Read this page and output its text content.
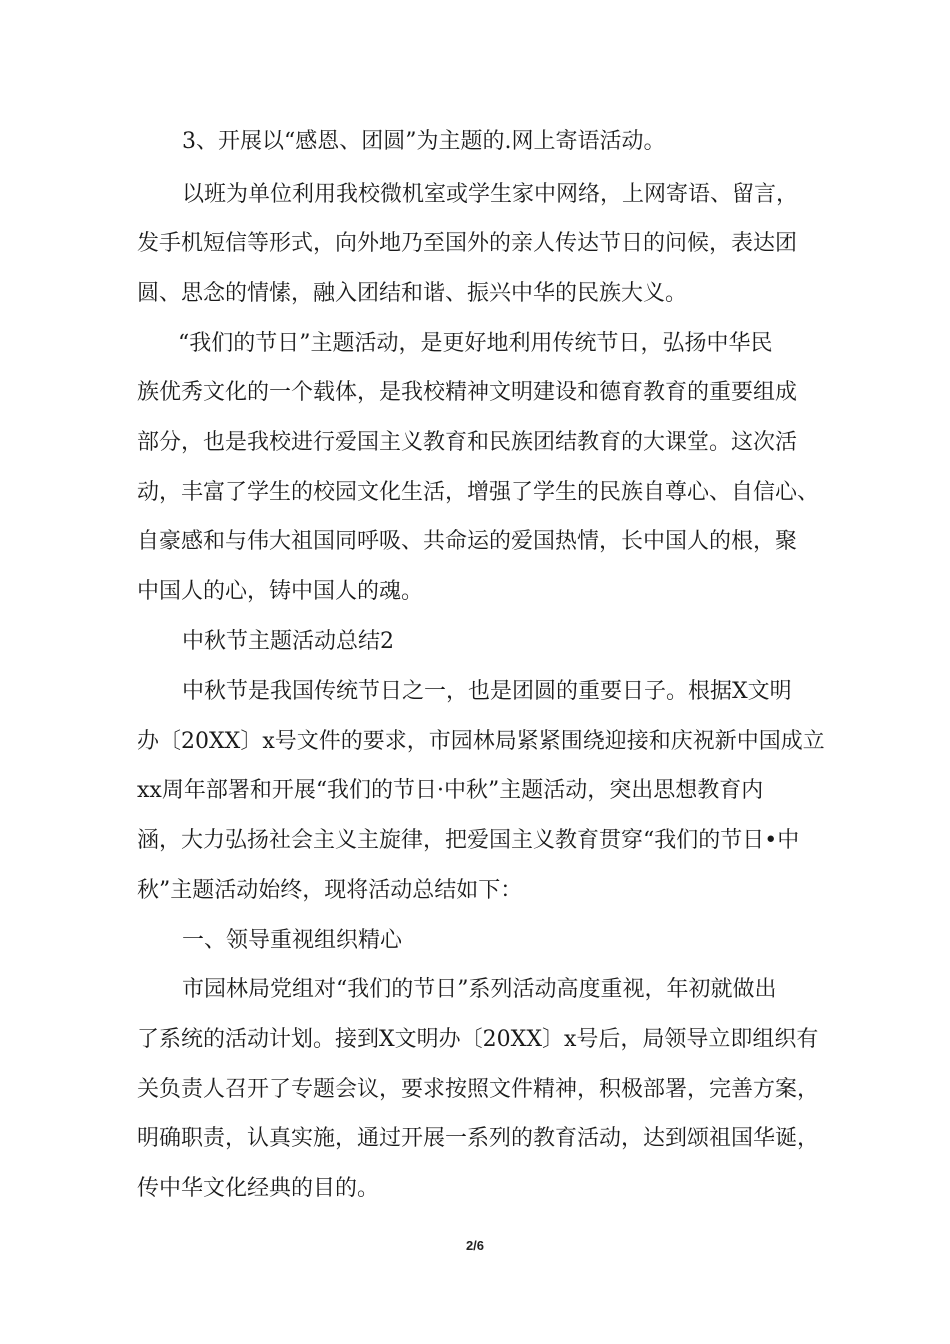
3、开展以“感恩、团圆”为主题的.网上寄语活动。

以班为单位利用我校微机室或学生家中网络，上网寄语、留言，

发手机短信等形式，向外地乃至国外的亲人传达节日的问候，表达团

圆、思念的情愫，融入团结和谐、振兴中华的民族大义。

“我们的节日”主题活动，是更好地利用传统节日，弘扬中华民

族优秀文化的一个载体，是我校精神文明建设和德育教育的重要组成

部分，也是我校进行爱国主义教育和民族团结教育的大课堂。这次活

动，丰富了学生的校园文化生活，增强了学生的民族自尊心、自信心、

自豪感和与伟大祖国同呼吸、共命运的爱国热情，长中国人的根，聚

中国人的心，铸中国人的魂。

中秋节主题活动总结2

中秋节是我国传统节日之一，也是团圆的重要日子。根据X文明

办〔20XX〕x号文件的要求，市园林局紧紧围绕迎接和庆祝新中国成立

xx周年部署和开展“我们的节日·中秋”主题活动，突出思想教育内

涵，大力弘扬社会主义主旋律，把爱国主义教育贯穿“我们的节日•中

秋”主题活动始终，现将活动总结如下：

一、领导重视组织精心

市园林局党组对“我们的节日”系列活动高度重视，年初就做出

了系统的活动计划。接到X文明办〔20XX〕x号后，局领导立即组织有

关负责人召开了专题会议，要求按照文件精神，积极部署，完善方案，

明确职责，认真实施，通过开展一系列的教育活动，达到颂祖国华诞，

传中华文化经典的目的。

2/6
